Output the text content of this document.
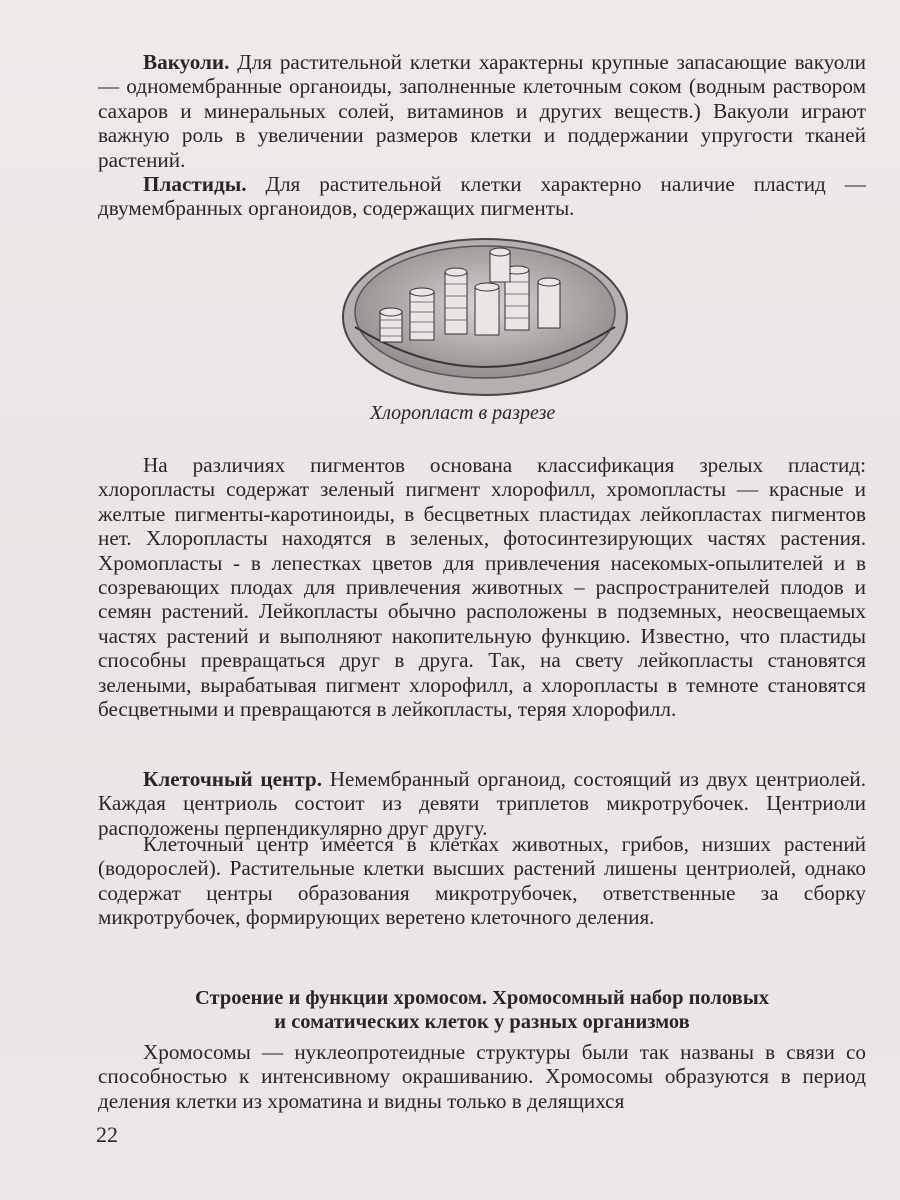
Вакуоли. Для растительной клетки характерны крупные запасающие вакуоли — одномембранные органоиды, заполненные клеточным соком (водным раствором сахаров и минеральных солей, витаминов и других веществ.) Вакуоли играют важную роль в увеличении размеров клетки и поддержании упругости тканей растений.

Пластиды. Для растительной клетки характерно наличие пластид — двумембранных органоидов, содержащих пигменты.

Хлоропласт в разрезе

На различиях пигментов основана классификация зрелых пластид: хлоропласты содержат зеленый пигмент хлорофилл, хромопласты — красные и желтые пигменты-каротиноиды, в бесцветных пластидах лейкопластах пигментов нет. Хлоропласты находятся в зеленых, фотосинтезирующих частях растения. Хромопласты - в лепестках цветов для привлечения насекомых-опылителей и в созревающих плодах для привлечения животных – распространителей плодов и семян растений. Лейкопласты обычно расположены в подземных, неосвещаемых частях растений и выполняют накопительную функцию. Известно, что пластиды способны превращаться друг в друга. Так, на свету лейкопласты становятся зелеными, вырабатывая пигмент хлорофилл, а хлоропласты в темноте становятся бесцветными и превращаются в лейкопласты, теряя хлорофилл.

Клеточный центр. Немембранный органоид, состоящий из двух центриолей. Каждая центриоль состоит из девяти триплетов микротрубочек. Центриоли расположены перпендикулярно друг другу.

Клеточный центр имеется в клетках животных, грибов, низших растений (водорослей). Растительные клетки высших растений лишены центриолей, однако содержат центры образования микротрубочек, ответственные за сборку микротрубочек, формирующих веретено клеточного деления.

Строение и функции хромосом. Хромосомный набор половых
и соматических клеток у разных организмов

Хромосомы — нуклеопротеидные структуры были так названы в связи со способностью к интенсивному окрашиванию. Хромосомы образуются в период деления клетки из хроматина и видны только в делящихся

22
